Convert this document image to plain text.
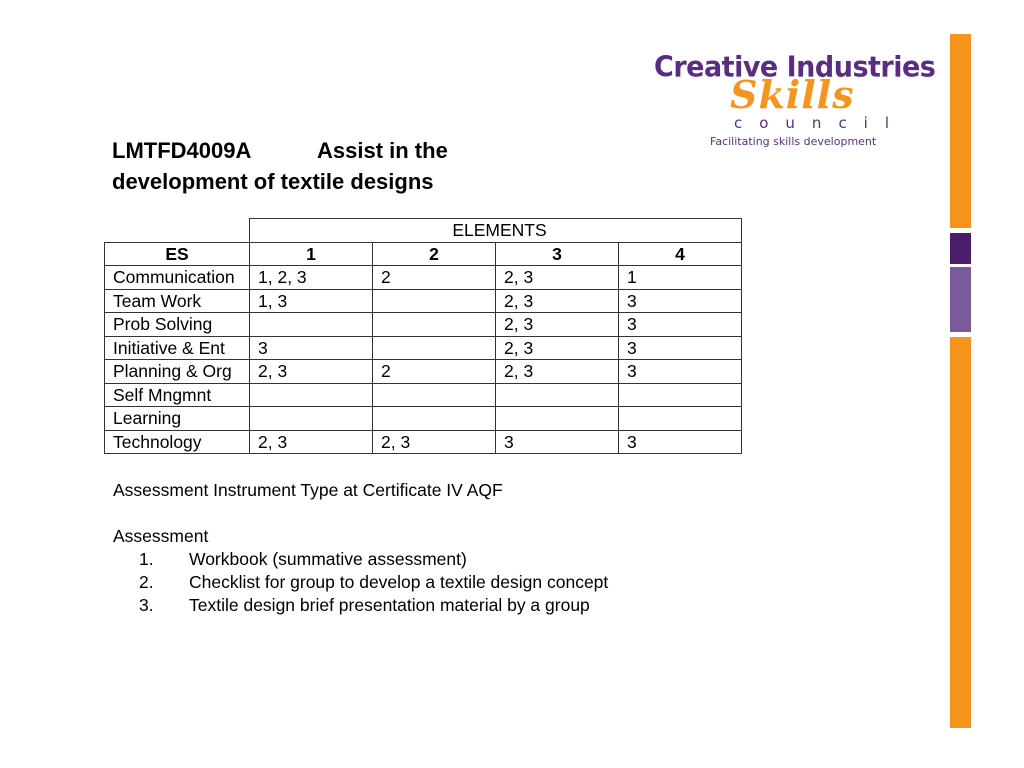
Creative Industries
Skills
council
Facilitating skills development
LMTFD4009A	Assist in the
development of textile designs
	ELEMENTS			
ES	1	2	3	4
Communication	1, 2, 3	2	2, 3	1
Team Work	1, 3		2, 3	3
Prob Solving			2, 3	3
Initiative & Ent	3		2, 3	3
Planning & Org	2, 3	2	2, 3	3
Self Mngmnt				
Learning				
Technology	2, 3	2, 3	3	3
Assessment Instrument Type at Certificate IV AQF
Assessment
1. Workbook (summative assessment)
2. Checklist for group to develop a textile design concept
3. Textile design brief presentation material by a group
